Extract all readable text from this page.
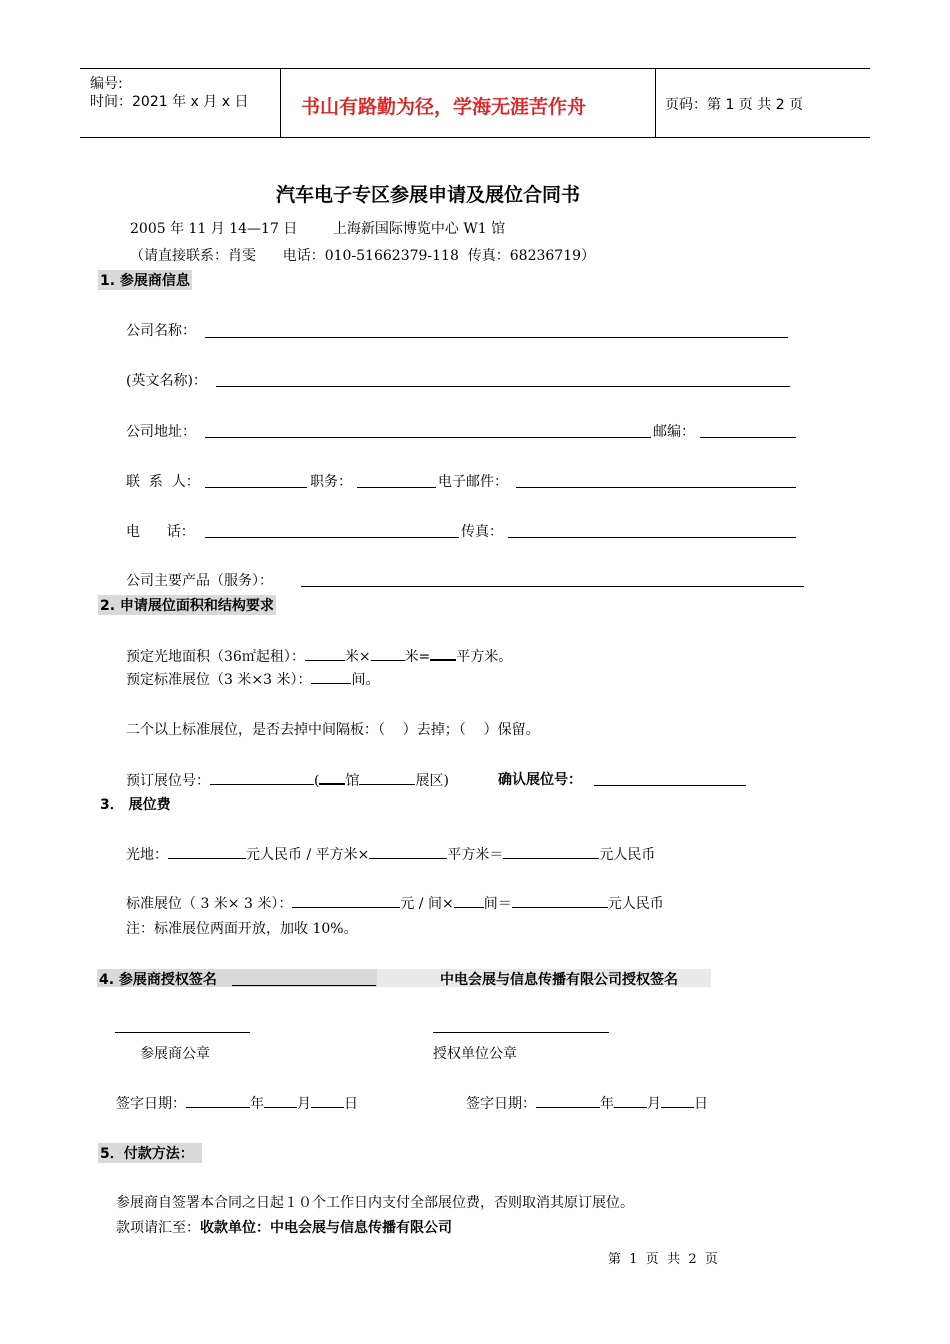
编号:
时间：2021 年 x 月 x 日	书山有路勤为径，学海无涯苦作舟	页码：第 1 页 共 2 页
汽车电子专区参展申请及展位合同书
2005 年 11 月 14—17 日        上海新国际博览中心 W1 馆
（请直接联系：肖雯      电话：010-51662379-118  传真：68236719）
1. 参展商信息
公司名称：
(英文名称)：
公司地址：	邮编：
联  系  人：	职务：	电子邮件：
电      话：	传真：
公司主要产品（服务）：
2. 申请展位面积和结构要求
预定光地面积（36㎡起租）：	米× 米= 平方米。
预定标准展位（3 米×3 米）：	间。
二个以上标准展位，是否去掉中间隔板：（    ）去掉；（    ）保留。
预订展位号：	( 馆	展区)	确认展位号：
3． 展位费
光地：	元人民币 / 平方米×	平方米＝	元人民币
标准展位（ 3 米× 3 米）：	元 / 间× 间＝	元人民币
注：标准展位两面开放，加收 10%。
4. 参展商授权签名	中电会展与信息传播有限公司授权签名
参展商公章	授权单位公章
签字日期：	年 月 日	签字日期：	年 月 日
5．付款方法：
参展商自签署本合同之日起１０个工作日内支付全部展位费，否则取消其原订展位。
款项请汇至：收款单位：中电会展与信息传播有限公司
第  1  页  共  2  页
